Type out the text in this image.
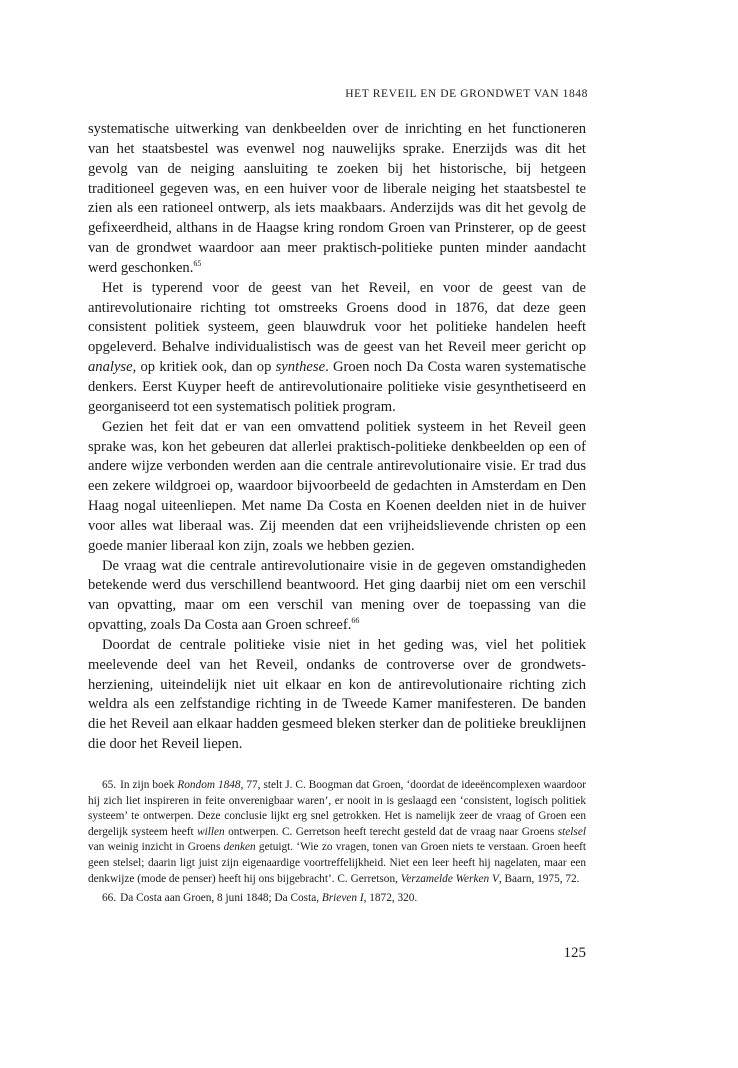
HET REVEIL EN DE GRONDWET VAN 1848

systematische uitwerking van denkbeelden over de inrichting en het functioneren van het staatsbestel was evenwel nog nauwelijks sprake. Enerzijds was dit het gevolg van de neiging aansluiting te zoeken bij het historische, bij hetgeen traditioneel gegeven was, en een huiver voor de liberale neiging het staatsbestel te zien als een rationeel ontwerp, als iets maakbaars. Anderzijds was dit het gevolg de gefixeerdheid, althans in de Haagse kring rondom Groen van Prinsterer, op de geest van de grondwet waardoor aan meer praktisch-politieke punten minder aandacht werd geschonken.$^{65}$

Het is typerend voor de geest van het Reveil, en voor de geest van de antirevolutionaire richting tot omstreeks Groens dood in 1876, dat deze geen consistent politiek systeem, geen blauwdruk voor het politieke handelen heeft opgeleverd. Behalve individualistisch was de geest van het Reveil meer gericht op analyse, op kritiek ook, dan op synthese. Groen noch Da Costa waren systematische denkers. Eerst Kuyper heeft de antirevolutionaire politieke visie gesynthetiseerd en georganiseerd tot een systematisch politiek program.

Gezien het feit dat er van een omvattend politiek systeem in het Reveil geen sprake was, kon het gebeuren dat allerlei praktisch-politieke denkbeelden op een of andere wijze verbonden werden aan die centrale antirevolutionaire visie. Er trad dus een zekere wildgroei op, waardoor bijvoorbeeld de gedachten in Amsterdam en Den Haag nogal uiteenliepen. Met name Da Costa en Koenen deelden niet in de huiver voor alles wat liberaal was. Zij meenden dat een vrijheidslievende christen op een goede manier liberaal kon zijn, zoals we hebben gezien.

De vraag wat die centrale antirevolutionaire visie in de gegeven omstandigheden betekende werd dus verschillend beantwoord. Het ging daarbij niet om een verschil van opvatting, maar om een verschil van mening over de toepassing van die opvatting, zoals Da Costa aan Groen schreef.$^{66}$

Doordat de centrale politieke visie niet in het geding was, viel het politiek meelevende deel van het Reveil, ondanks de controverse over de grondwetsherziening, uiteindelijk niet uit elkaar en kon de antirevolutionaire richting zich weldra als een zelfstandige richting in de Tweede Kamer manifesteren. De banden die het Reveil aan elkaar hadden gesmeed bleken sterker dan de politieke breuklijnen die door het Reveil liepen.

65. In zijn boek Rondom 1848, 77, stelt J. C. Boogman dat Groen, ‘doordat de ideeëncomplexen waardoor hij zich liet inspireren in feite onverenigbaar waren’, er nooit in is geslaagd een ‘consistent, logisch politiek systeem’ te ontwerpen. Deze conclusie lijkt erg snel getrokken. Het is namelijk zeer de vraag of Groen een dergelijk systeem heeft willen ontwerpen. C. Gerretson heeft terecht gesteld dat de vraag naar Groens stelsel van weinig inzicht in Groens denken getuigt. ‘Wie zo vragen, tonen van Groen niets te verstaan. Groen heeft geen stelsel; daarin ligt juist zijn eigenaardige voortreffelijkheid. Niet een leer heeft hij nagelaten, maar een denkwijze (mode de penser) heeft hij ons bijgebracht’. C. Gerretson, Verzamelde Werken V, Baarn, 1975, 72.

66. Da Costa aan Groen, 8 juni 1848; Da Costa, Brieven I, 1872, 320.

125
